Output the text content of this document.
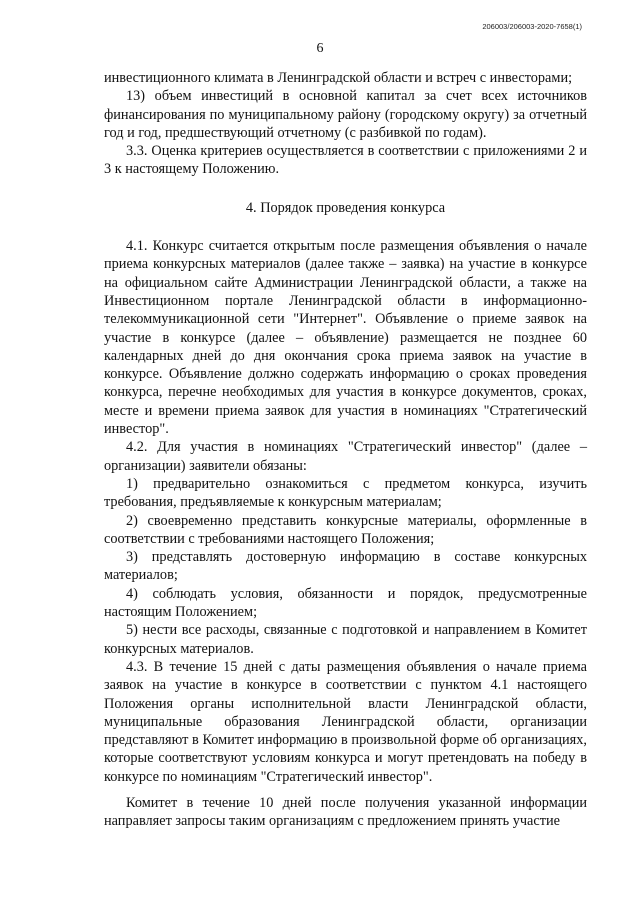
206003/206003-2020-7658(1)
6

инвестиционного климата в Ленинградской области и встреч с инвесторами;

13) объем инвестиций в основной капитал за счет всех источников финансирования по муниципальному району (городскому округу) за отчетный год и год, предшествующий отчетному (с разбивкой по годам).

3.3. Оценка критериев осуществляется в соответствии с приложениями 2 и 3 к настоящему Положению.

4. Порядок проведения конкурса

4.1. Конкурс считается открытым после размещения объявления о начале приема конкурсных материалов (далее также – заявка) на участие в конкурсе на официальном сайте Администрации Ленинградской области, а также на Инвестиционном портале Ленинградской области в информационно-телекоммуникационной сети "Интернет". Объявление о приеме заявок на участие в конкурсе (далее – объявление) размещается не позднее 60 календарных дней до дня окончания срока приема заявок на участие в конкурсе. Объявление должно содержать информацию о сроках проведения конкурса, перечне необходимых для участия в конкурсе документов, сроках, месте и времени приема заявок для участия в номинациях "Стратегический инвестор".

4.2. Для участия в номинациях "Стратегический инвестор" (далее – организации) заявители обязаны:

1) предварительно ознакомиться с предметом конкурса, изучить требования, предъявляемые к конкурсным материалам;

2) своевременно представить конкурсные материалы, оформленные в соответствии с требованиями настоящего Положения;

3) представлять достоверную информацию в составе конкурсных материалов;

4) соблюдать условия, обязанности и порядок, предусмотренные настоящим Положением;

5) нести все расходы, связанные с подготовкой и направлением в Комитет конкурсных материалов.

4.3. В течение 15 дней с даты размещения объявления о начале приема заявок на участие в конкурсе в соответствии с пунктом 4.1 настоящего Положения органы исполнительной власти Ленинградской области, муниципальные образования Ленинградской области, организации представляют в Комитет информацию в произвольной форме об организациях, которые соответствуют условиям конкурса и могут претендовать на победу в конкурсе по номинациям "Стратегический инвестор".

Комитет в течение 10 дней после получения указанной информации направляет запросы таким организациям с предложением принять участие
